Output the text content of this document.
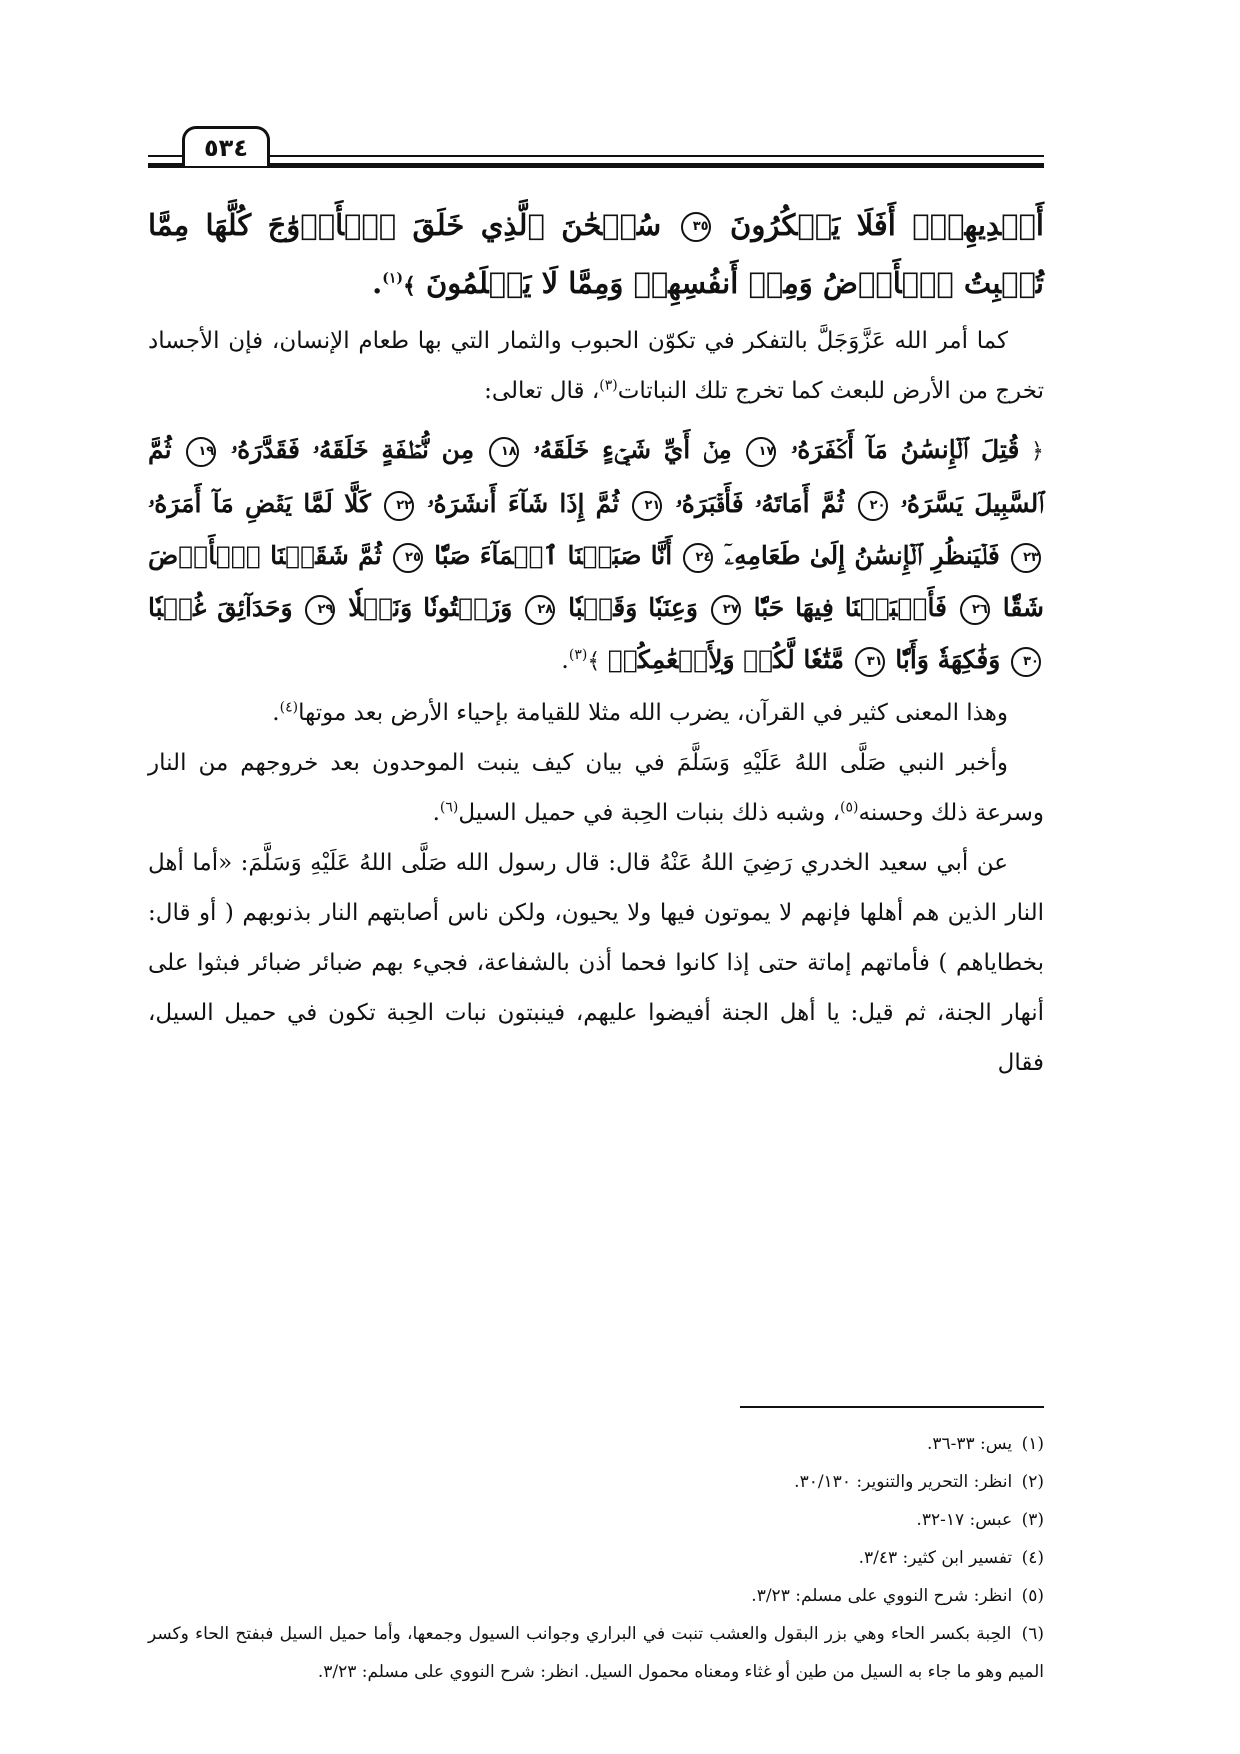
٥٣٤

أَيۡدِيهِمۡۚ أَفَلَا يَشۡكُرُونَ ٣٥ سُبۡحَٰنَ ٱلَّذِي خَلَقَ ٱلۡأَزۡوَٰجَ كُلَّهَا مِمَّا تُنۢبِتُ ٱلۡأَرۡضُ وَمِنۡ أَنفُسِهِمۡ وَمِمَّا لَا يَعۡلَمُونَ ﴾$^{(١)}$.

كما أمر الله عَزَّوَجَلَّ بالتفكر في تكوّن الحبوب والثمار التي بها طعام الإنسان، فإن الأجساد تخرج من الأرض للبعث كما تخرج تلك النباتات$^{(٣)}$، قال تعالى:

﴿ قُتِلَ ٱلۡإِنسَٰنُ مَآ أَكۡفَرَهُۥ ١٧ مِنۡ أَيِّ شَيۡءٍ خَلَقَهُۥ ١٨ مِن نُّطۡفَةٍ خَلَقَهُۥ فَقَدَّرَهُۥ ١٩ ثُمَّ ٱلسَّبِيلَ يَسَّرَهُۥ ٢٠ ثُمَّ أَمَاتَهُۥ فَأَقۡبَرَهُۥ ٢١ ثُمَّ إِذَا شَآءَ أَنشَرَهُۥ ٢٢ كَلَّا لَمَّا يَقۡضِ مَآ أَمَرَهُۥ ٢٣ فَلۡيَنظُرِ ٱلۡإِنسَٰنُ إِلَىٰ طَعَامِهِۦٓ ٢٤ أَنَّا صَبَبۡنَا ٱلۡمَآءَ صَبّٗا ٢٥ ثُمَّ شَقَقۡنَا ٱلۡأَرۡضَ شَقّٗا ٢٦ فَأَنۢبَتۡنَا فِيهَا حَبّٗا ٢٧ وَعِنَبٗا وَقَضۡبٗا ٢٨ وَزَيۡتُونٗا وَنَخۡلٗا ٢٩ وَحَدَآئِقَ غُلۡبٗا ٣٠ وَفَٰكِهَةٗ وَأَبّٗا ٣١ مَّتَٰعٗا لَّكُمۡ وَلِأَنۡعَٰمِكُمۡ ﴾$^{(٣)}$.

وهذا المعنى كثير في القرآن، يضرب الله مثلا للقيامة بإحياء الأرض بعد موتها$^{(٤)}$.

وأخبر النبي صَلَّى اللهُ عَلَيْهِ وَسَلَّمَ في بيان كيف ينبت الموحدون بعد خروجهم من النار وسرعة ذلك وحسنه$^{(٥)}$، وشبه ذلك بنبات الحِبة في حميل السيل$^{(٦)}$.

عن أبي سعيد الخدري رَضِيَ اللهُ عَنْهُ قال: قال رسول الله صَلَّى اللهُ عَلَيْهِ وَسَلَّمَ: «أما أهل النار الذين هم أهلها فإنهم لا يموتون فيها ولا يحيون، ولكن ناس أصابتهم النار بذنوبهم ( أو قال: بخطاياهم ) فأماتهم إماتة حتى إذا كانوا فحما أذن بالشفاعة، فجيء بهم ضبائر ضبائر فبثوا على أنهار الجنة، ثم قيل: يا أهل الجنة أفيضوا عليهم، فينبتون نبات الحِبة تكون في حميل السيل، فقال

(١) يس: ٣٣-٣٦.

(٢) انظر: التحرير والتنوير: ٣٠/١٣٠.

(٣) عبس: ١٧-٣٢.

(٤) تفسير ابن كثير: ٣/٤٣.

(٥) انظر: شرح النووي على مسلم: ٣/٢٣.

(٦) الحِبة بكسر الحاء وهي بزر البقول والعشب تنبت في البراري وجوانب السيول وجمعها، وأما حميل السيل فبفتح الحاء وكسر الميم وهو ما جاء به السيل من طين أو غثاء ومعناه محمول السيل. انظر: شرح النووي على مسلم: ٣/٢٣.
